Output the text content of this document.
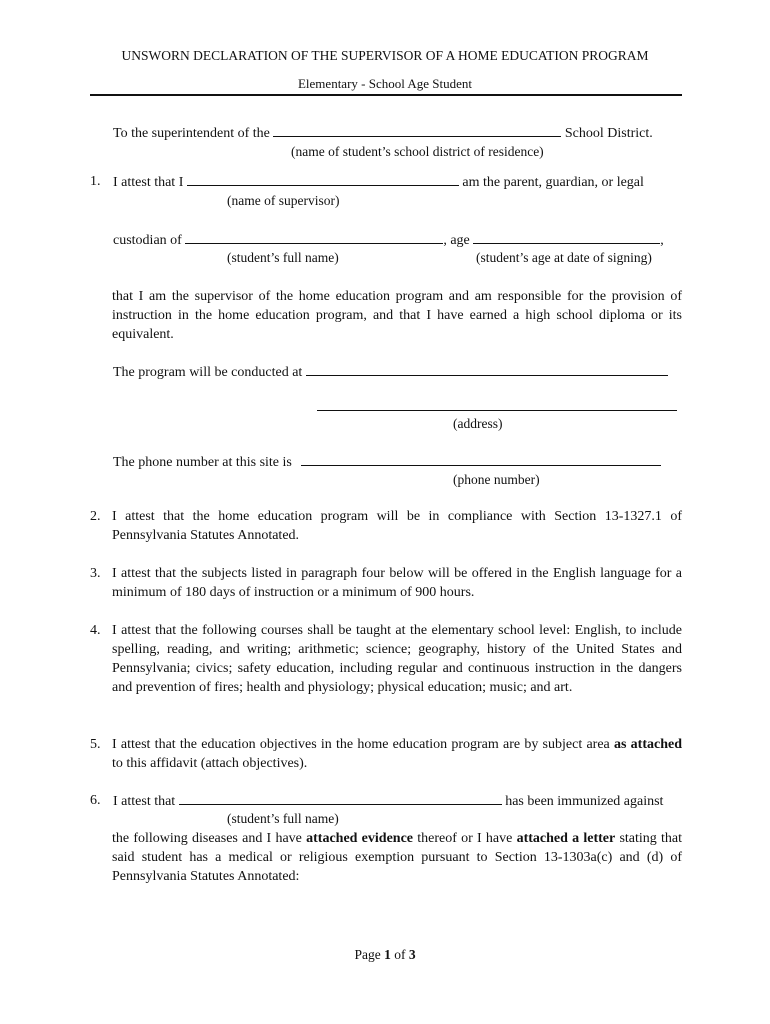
UNSWORN DECLARATION OF THE SUPERVISOR OF A HOME EDUCATION PROGRAM
Elementary - School Age Student
To the superintendent of the	School District.
(name of student’s school district of residence)
1. I attest that I	am the parent, guardian, or legal
(name of supervisor)
custodian of	, age	,
(student’s full name)	(student’s age at date of signing)
that I am the supervisor of the home education program and am responsible for the provision of instruction in the home education program, and that I have earned a high school diploma or its equivalent.
The program will be conducted at
(address)
The phone number at this site is
(phone number)
2. I attest that the home education program will be in compliance with Section 13-1327.1 of Pennsylvania Statutes Annotated.
3. I attest that the subjects listed in paragraph four below will be offered in the English language for a minimum of 180 days of instruction or a minimum of 900 hours.
4. I attest that the following courses shall be taught at the elementary school level: English, to include spelling, reading, and writing; arithmetic; science; geography, history of the United States and Pennsylvania; civics; safety education, including regular and continuous instruction in the dangers and prevention of fires; health and physiology; physical education; music; and art.
5. I attest that the education objectives in the home education program are by subject area as attached to this affidavit (attach objectives).
6. I attest that	has been immunized against
(student’s full name)
the following diseases and I have attached evidence thereof or I have attached a letter stating that said student has a medical or religious exemption pursuant to Section 13-1303a(c) and (d) of Pennsylvania Statutes Annotated:
Page 1 of 3
